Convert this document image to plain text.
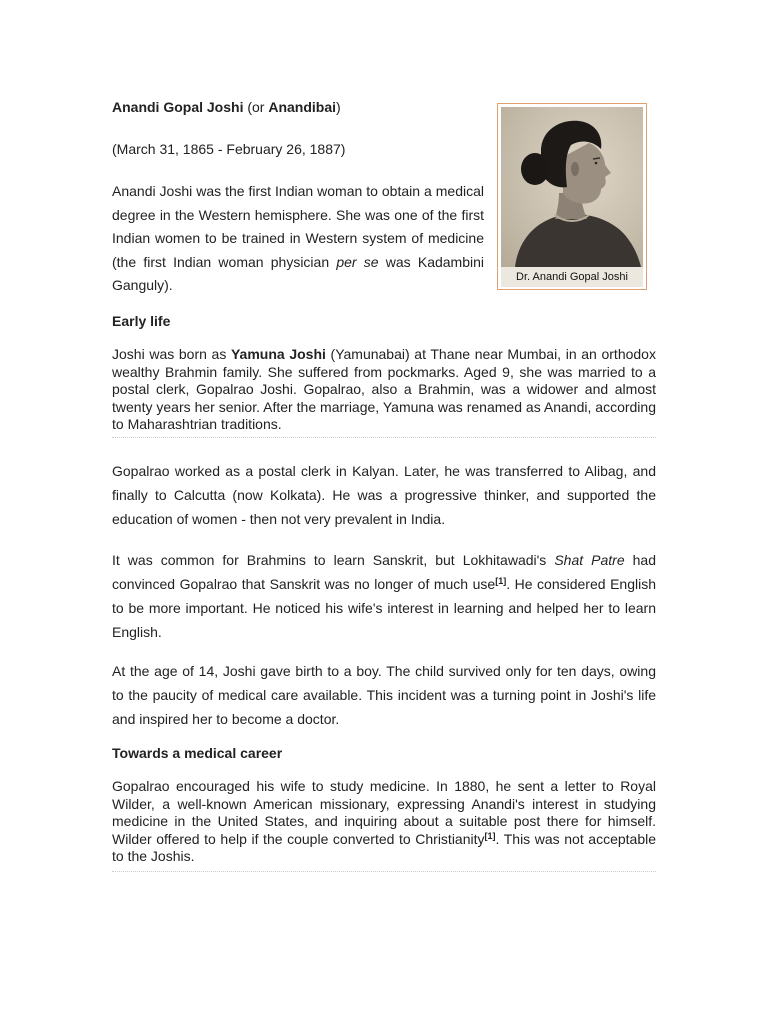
Anandi Gopal Joshi (or Anandibai)
(March 31, 1865 - February 26, 1887)
Anandi Joshi was the first Indian woman to obtain a medical degree in the Western hemisphere. She was one of the first Indian women to be trained in Western system of medicine (the first Indian woman physician per se was Kadambini Ganguly).	Dr. Anandi Gopal Joshi
Early life
Joshi was born as Yamuna Joshi (Yamunabai) at Thane near Mumbai, in an orthodox wealthy Brahmin family. She suffered from pockmarks. Aged 9, she was married to a postal clerk, Gopalrao Joshi. Gopalrao, also a Brahmin, was a widower and almost twenty years her senior. After the marriage, Yamuna was renamed as Anandi, according to Maharashtrian traditions.
Gopalrao worked as a postal clerk in Kalyan. Later, he was transferred to Alibag, and finally to Calcutta (now Kolkata). He was a progressive thinker, and supported the education of women - then not very prevalent in India.
It was common for Brahmins to learn Sanskrit, but Lokhitawadi's Shat Patre had convinced Gopalrao that Sanskrit was no longer of much use[1]. He considered English to be more important. He noticed his wife's interest in learning and helped her to learn English.
At the age of 14, Joshi gave birth to a boy. The child survived only for ten days, owing to the paucity of medical care available. This incident was a turning point in Joshi's life and inspired her to become a doctor.
Towards a medical career
Gopalrao encouraged his wife to study medicine. In 1880, he sent a letter to Royal Wilder, a well-known American missionary, expressing Anandi's interest in studying medicine in the United States, and inquiring about a suitable post there for himself. Wilder offered to help if the couple converted to Christianity[1]. This was not acceptable to the Joshis.
